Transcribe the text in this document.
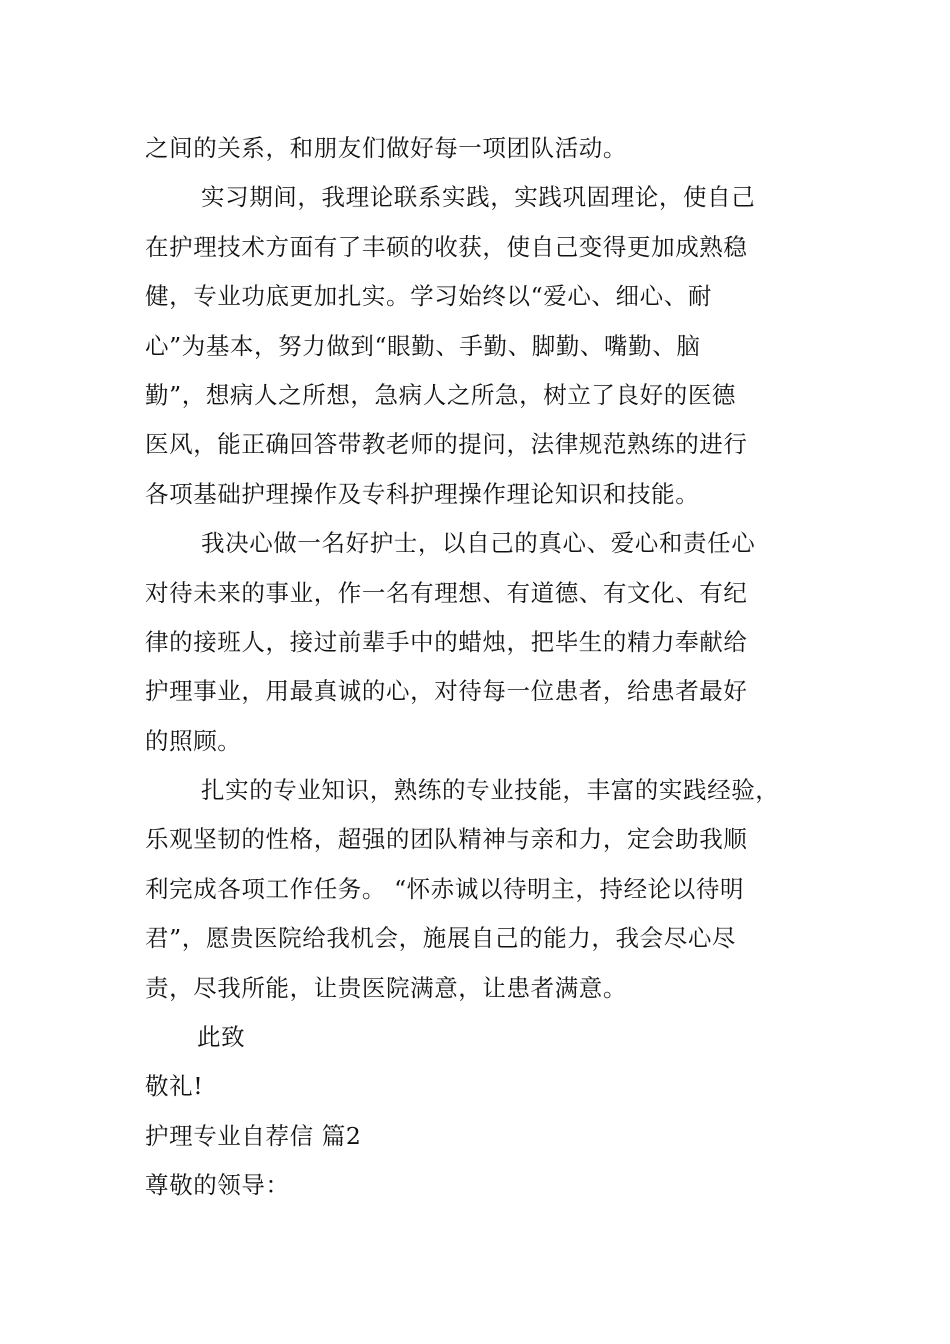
之间的关系，和朋友们做好每一项团队活动。
实习期间，我理论联系实践，实践巩固理论，使自己
在护理技术方面有了丰硕的收获，使自己变得更加成熟稳
健，专业功底更加扎实。学习始终以“爱心、细心、耐
心”为基本，努力做到“眼勤、手勤、脚勤、嘴勤、脑
勤”，想病人之所想，急病人之所急，树立了良好的医德
医风，能正确回答带教老师的提问，法律规范熟练的进行
各项基础护理操作及专科护理操作理论知识和技能。
我决心做一名好护士，以自己的真心、爱心和责任心
对待未来的事业，作一名有理想、有道德、有文化、有纪
律的接班人，接过前辈手中的蜡烛，把毕生的精力奉献给
护理事业，用最真诚的心，对待每一位患者，给患者最好
的照顾。
扎实的专业知识，熟练的专业技能，丰富的实践经验，
乐观坚韧的性格，超强的团队精神与亲和力，定会助我顺
利完成各项工作任务。 “怀赤诚以待明主，持经论以待明
君”，愿贵医院给我机会，施展自己的能力，我会尽心尽
责，尽我所能，让贵医院满意，让患者满意。
此致
敬礼!
护理专业自荐信 篇2
尊敬的领导：
